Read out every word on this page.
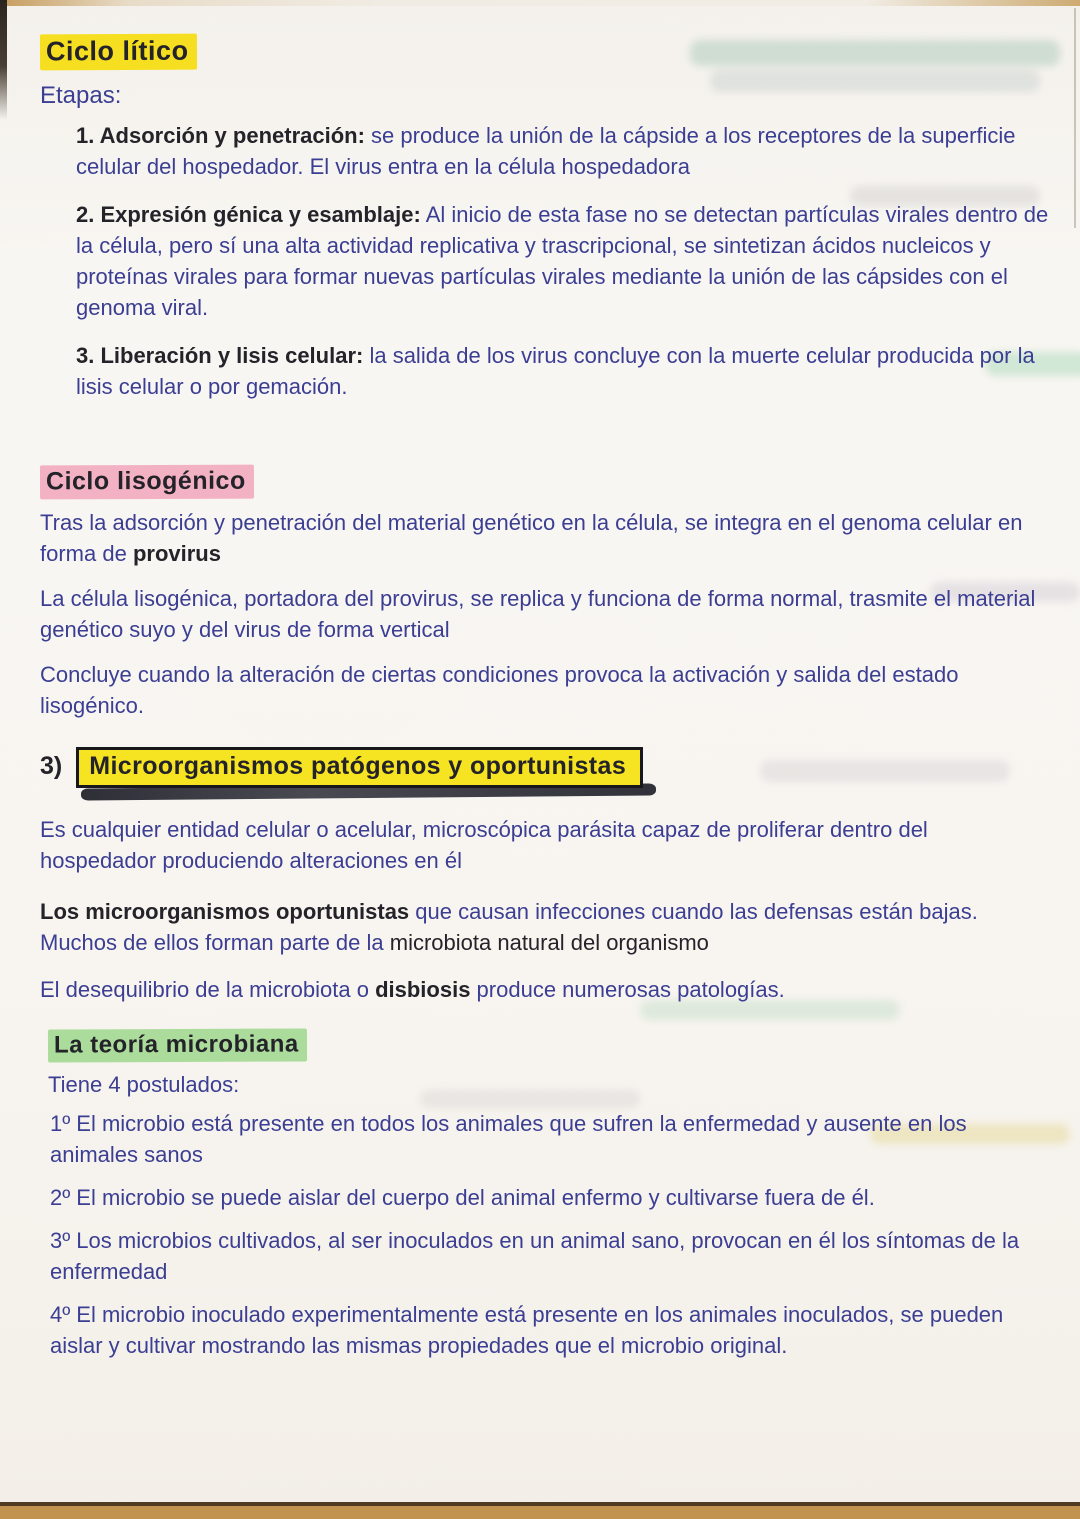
Ciclo lítico
Etapas:
1. Adsorción y penetración: se produce la unión de la cápside a los receptores de la superficie celular del hospedador. El virus entra en la célula hospedadora
2. Expresión génica y esamblaje: Al inicio de esta fase no se detectan partículas virales dentro de la célula, pero sí una alta actividad replicativa y trascripcional, se sintetizan ácidos nucleicos y proteínas virales para formar nuevas partículas virales mediante la unión de las cápsides con el genoma viral.
3. Liberación y lisis celular: la salida de los virus concluye con la muerte celular producida por la lisis celular o por gemación.
Ciclo lisogénico
Tras la adsorción y penetración del material genético en la célula, se integra en el genoma celular en forma de provirus
La célula lisogénica, portadora del provirus, se replica y funciona de forma normal, trasmite el material genético suyo y del virus de forma vertical
Concluye cuando la alteración de ciertas condiciones provoca la activación y salida del estado lisogénico.
3) Microorganismos patógenos y oportunistas
Es cualquier entidad celular o acelular, microscópica parásita capaz de proliferar dentro del hospedador produciendo alteraciones en él
Los microorganismos oportunistas que causan infecciones cuando las defensas están bajas. Muchos de ellos forman parte de la microbiota natural del organismo
El desequilibrio de la microbiota o disbiosis produce numerosas patologías.
La teoría microbiana
Tiene 4 postulados:
1º El microbio está presente en todos los animales que sufren la enfermedad y ausente en los animales sanos
2º El microbio se puede aislar del cuerpo del animal enfermo y cultivarse fuera de él.
3º Los microbios cultivados, al ser inoculados en un animal sano, provocan en él los síntomas de la enfermedad
4º El microbio inoculado experimentalmente está presente en los animales inoculados, se pueden aislar y cultivar mostrando las mismas propiedades que el microbio original.
